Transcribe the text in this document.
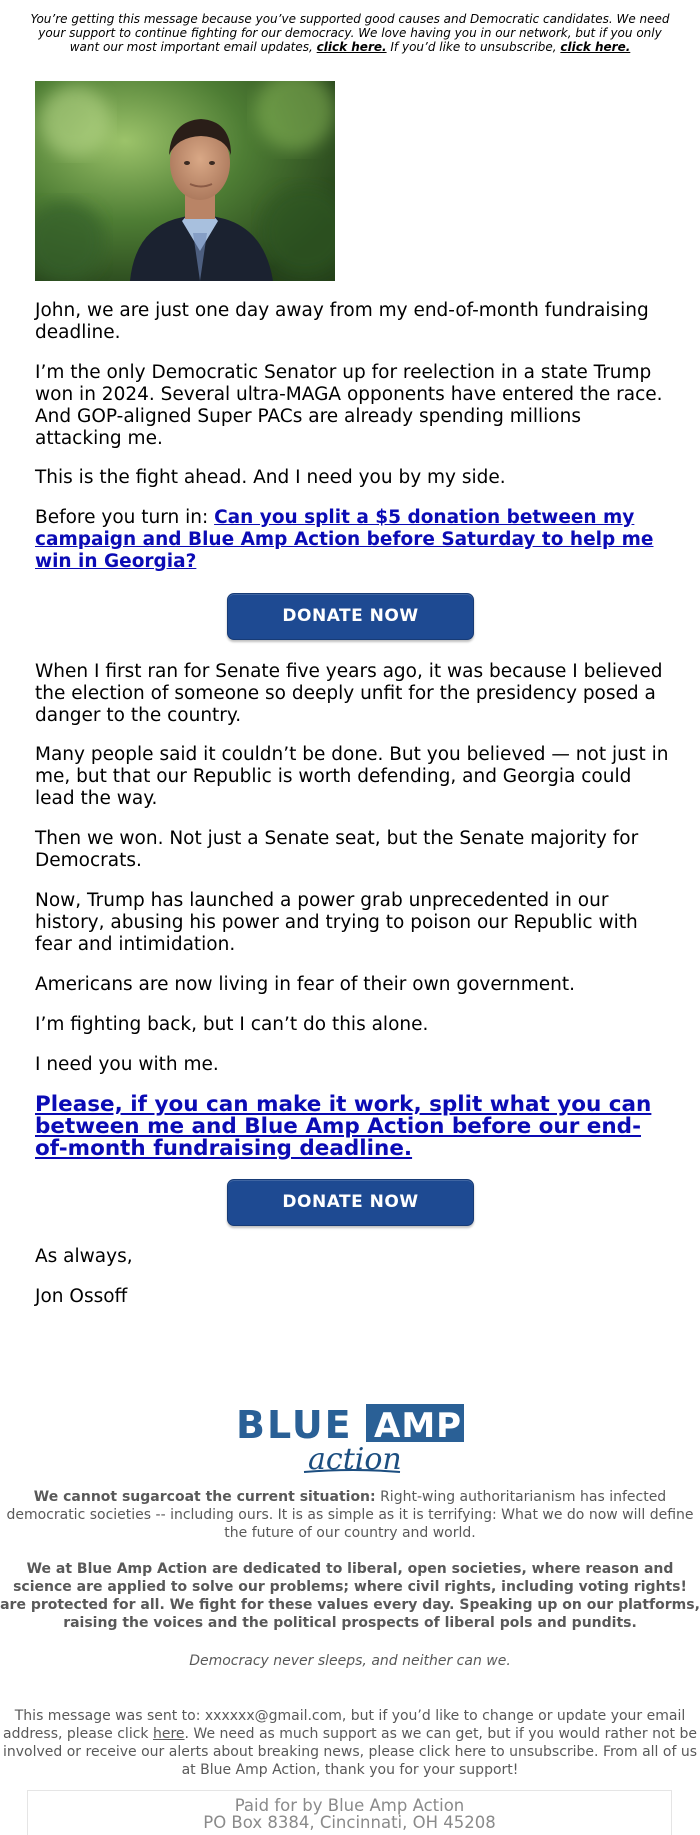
You’re getting this message because you’ve supported good causes and Democratic candidates. We need your support to continue fighting for our democracy. We love having you in our network, but if you only want our most important email updates, click here. If you’d like to unsubscribe, click here.

John, we are just one day away from my end-of-month fundraising deadline.

I’m the only Democratic Senator up for reelection in a state Trump won in 2024. Several ultra-MAGA opponents have entered the race. And GOP-aligned Super PACs are already spending millions attacking me.

This is the fight ahead. And I need you by my side.

Before you turn in: Can you split a $5 donation between my campaign and Blue Amp Action before Saturday to help me win in Georgia?

DONATE NOW

When I first ran for Senate five years ago, it was because I believed the election of someone so deeply unfit for the presidency posed a danger to the country.

Many people said it couldn’t be done. But you believed — not just in me, but that our Republic is worth defending, and Georgia could lead the way.

Then we won. Not just a Senate seat, but the Senate majority for Democrats.

Now, Trump has launched a power grab unprecedented in our history, abusing his power and trying to poison our Republic with fear and intimidation.

Americans are now living in fear of their own government.

I’m fighting back, but I can’t do this alone.

I need you with me.

Please, if you can make it work, split what you can between me and Blue Amp Action before our end-of-month fundraising deadline.

DONATE NOW

As always,

Jon Ossoff

BLUE AMP
action

We cannot sugarcoat the current situation: Right-wing authoritarianism has infected democratic societies -- including ours. It is as simple as it is terrifying: What we do now will define the future of our country and world.

We at Blue Amp Action are dedicated to liberal, open societies, where reason and science are applied to solve our problems; where civil rights, including voting rights! are protected for all. We fight for these values every day. Speaking up on our platforms, raising the voices and the political prospects of liberal pols and pundits.

Democracy never sleeps, and neither can we.

This message was sent to: xxxxxx@gmail.com, but if you’d like to change or update your email address, please click here. We need as much support as we can get, but if you would rather not be involved or receive our alerts about breaking news, please click here to unsubscribe. From all of us at Blue Amp Action, thank you for your support!

Paid for by Blue Amp Action
PO Box 8384, Cincinnati, OH 45208
